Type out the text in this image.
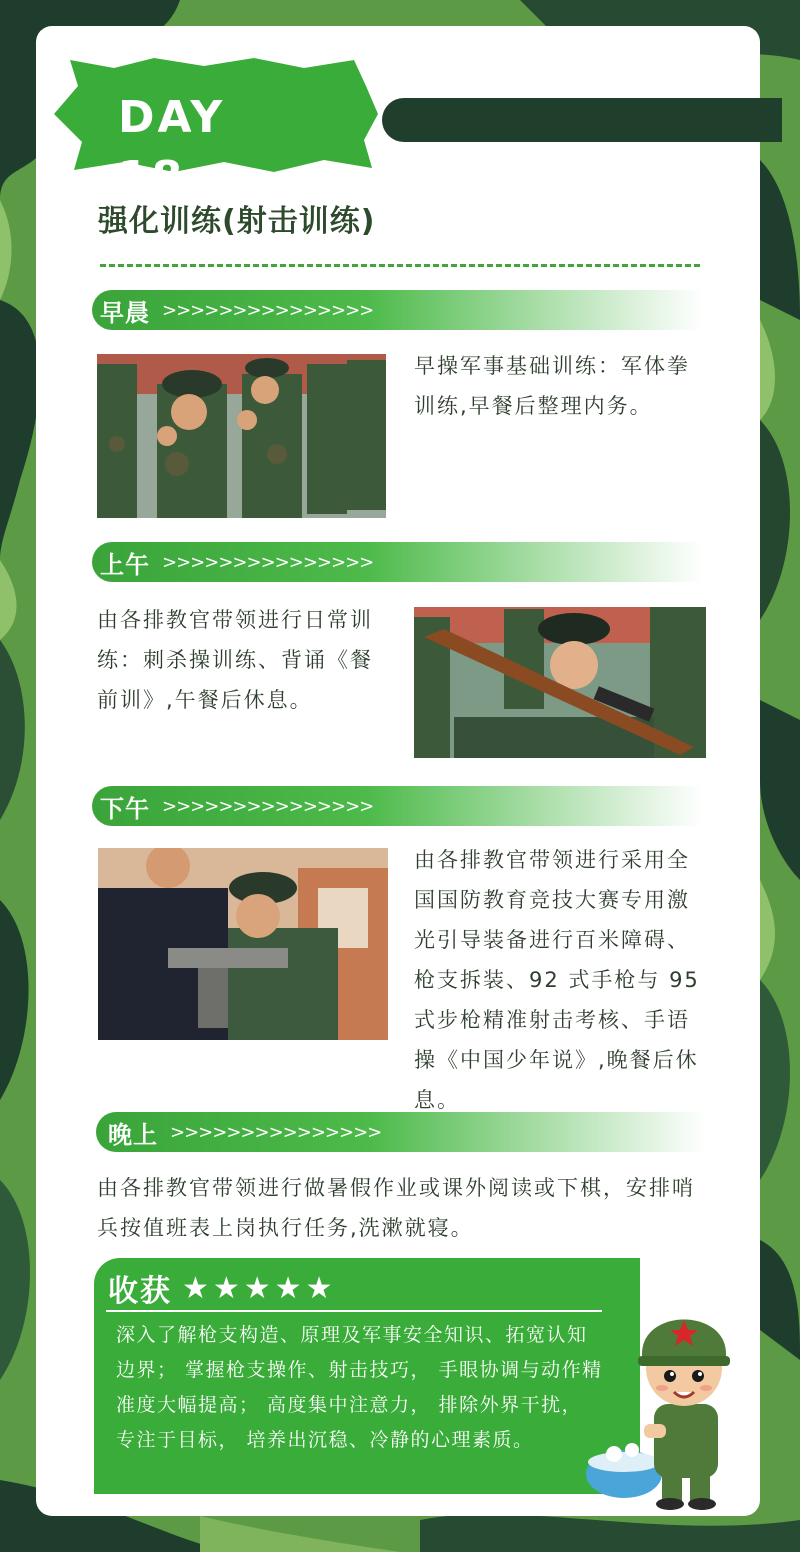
DAY 18
强化训练(射击训练)
早晨 >>>>>>>>>>>>>>>
早操军事基础训练：军体拳训练,早餐后整理内务。
上午 >>>>>>>>>>>>>>>
由各排教官带领进行日常训练：刺杀操训练、背诵《餐前训》,午餐后休息。
下午 >>>>>>>>>>>>>>>
由各排教官带领进行采用全国国防教育竞技大赛专用激光引导装备进行百米障碍、枪支拆装、92 式手枪与 95 式步枪精准射击考核、手语操《中国少年说》,晚餐后休息。
晚上 >>>>>>>>>>>>>>>
由各排教官带领进行做暑假作业或课外阅读或下棋，安排哨兵按值班表上岗执行任务,洗漱就寝。
收获 ★★★★★
深入了解枪支构造、原理及军事安全知识、拓宽认知边界； 掌握枪支操作、射击技巧， 手眼协调与动作精准度大幅提高； 高度集中注意力， 排除外界干扰， 专注于目标， 培养出沉稳、冷静的心理素质。
